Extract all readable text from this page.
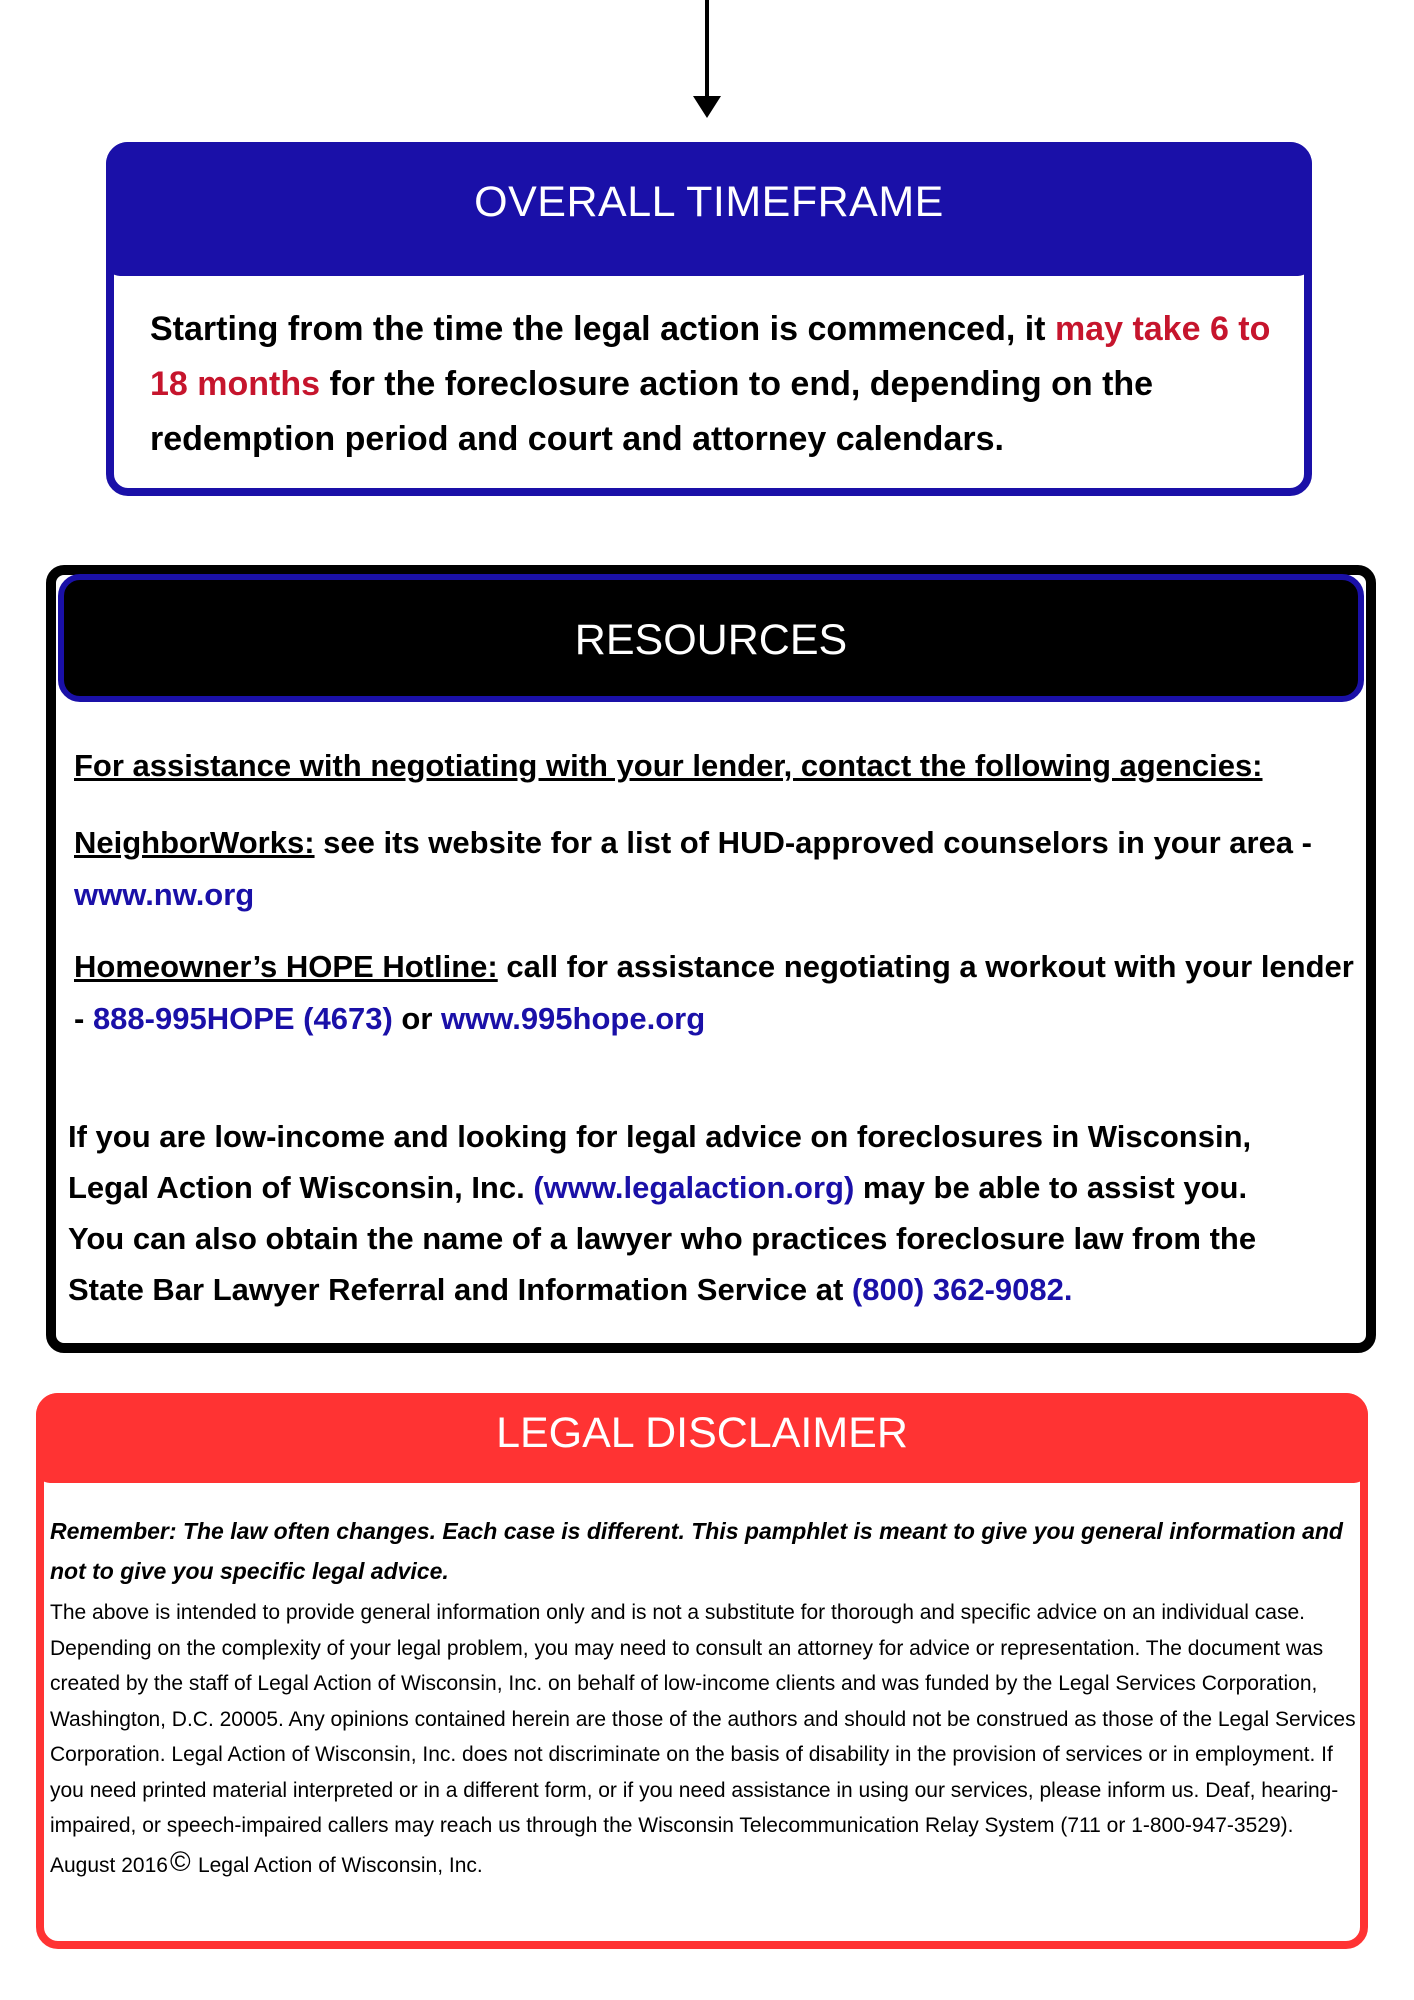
OVERALL TIMEFRAME
Starting from the time the legal action is commenced, it may take 6 to 18 months for the foreclosure action to end, depending on the redemption period and court and attorney calendars.
RESOURCES
For assistance with negotiating with your lender, contact the following agencies:
NeighborWorks: see its website for a list of HUD-approved counselors in your area -
www.nw.org
Homeowner’s HOPE Hotline: call for assistance negotiating a workout with your lender - 888-995HOPE (4673) or www.995hope.org
If you are low-income and looking for legal advice on foreclosures in Wisconsin,
Legal Action of Wisconsin, Inc. (www.legalaction.org) may be able to assist you.
You can also obtain the name of a lawyer who practices foreclosure law from the
State Bar Lawyer Referral and Information Service at (800) 362-9082.
LEGAL DISCLAIMER
Remember: The law often changes. Each case is different. This pamphlet is meant to give you general information and not to give you specific legal advice.
The above is intended to provide general information only and is not a substitute for thorough and specific advice on an individual case. Depending on the complexity of your legal problem, you may need to consult an attorney for advice or representation. The document was created by the staff of Legal Action of Wisconsin, Inc. on behalf of low-income clients and was funded by the Legal Services Corporation, Washington, D.C. 20005. Any opinions contained herein are those of the authors and should not be construed as those of the Legal Services Corporation. Legal Action of Wisconsin, Inc. does not discriminate on the basis of disability in the provision of services or in employment. If you need printed material interpreted or in a different form, or if you need assistance in using our services, please inform us. Deaf, hearing-impaired, or speech-impaired callers may reach us through the Wisconsin Telecommunication Relay System (711 or 1-800-947-3529).
August 2016 © Legal Action of Wisconsin, Inc.
